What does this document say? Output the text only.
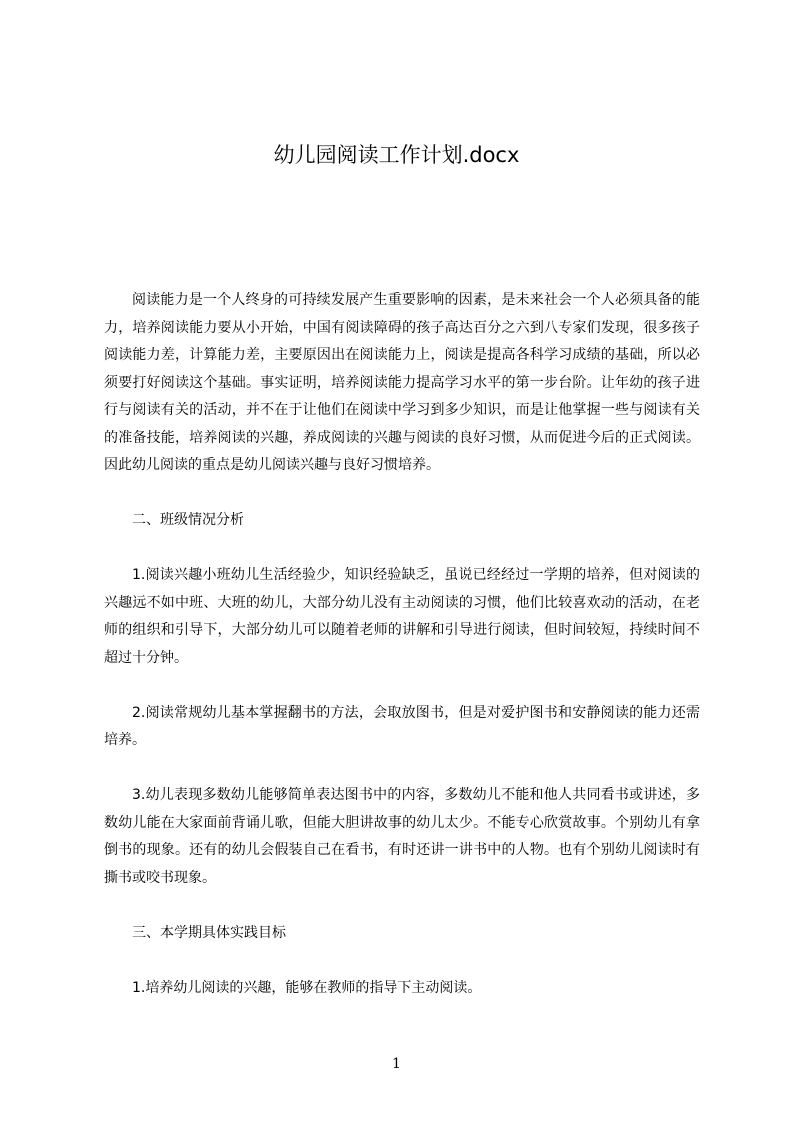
幼儿园阅读工作计划.docx

阅读能力是一个人终身的可持续发展产生重要影响的因素，是未来社会一个人必须具备的能力，培养阅读能力要从小开始，中国有阅读障碍的孩子高达百分之六到八专家们发现，很多孩子阅读能力差，计算能力差，主要原因出在阅读能力上，阅读是提高各科学习成绩的基础，所以必须要打好阅读这个基础。事实证明，培养阅读能力提高学习水平的第一步台阶。让年幼的孩子进行与阅读有关的活动，并不在于让他们在阅读中学习到多少知识，而是让他掌握一些与阅读有关的准备技能，培养阅读的兴趣，养成阅读的兴趣与阅读的良好习惯，从而促进今后的正式阅读。因此幼儿阅读的重点是幼儿阅读兴趣与良好习惯培养。

二、班级情况分析

1.阅读兴趣小班幼儿生活经验少，知识经验缺乏，虽说已经经过一学期的培养，但对阅读的兴趣远不如中班、大班的幼儿，大部分幼儿没有主动阅读的习惯，他们比较喜欢动的活动，在老师的组织和引导下，大部分幼儿可以随着老师的讲解和引导进行阅读，但时间较短，持续时间不超过十分钟。

2.阅读常规幼儿基本掌握翻书的方法，会取放图书，但是对爱护图书和安静阅读的能力还需培养。

3.幼儿表现多数幼儿能够简单表达图书中的内容，多数幼儿不能和他人共同看书或讲述，多数幼儿能在大家面前背诵儿歌，但能大胆讲故事的幼儿太少。不能专心欣赏故事。个别幼儿有拿倒书的现象。还有的幼儿会假装自己在看书，有时还讲一讲书中的人物。也有个别幼儿阅读时有撕书或咬书现象。

三、本学期具体实践目标

1.培养幼儿阅读的兴趣，能够在教师的指导下主动阅读。

1
